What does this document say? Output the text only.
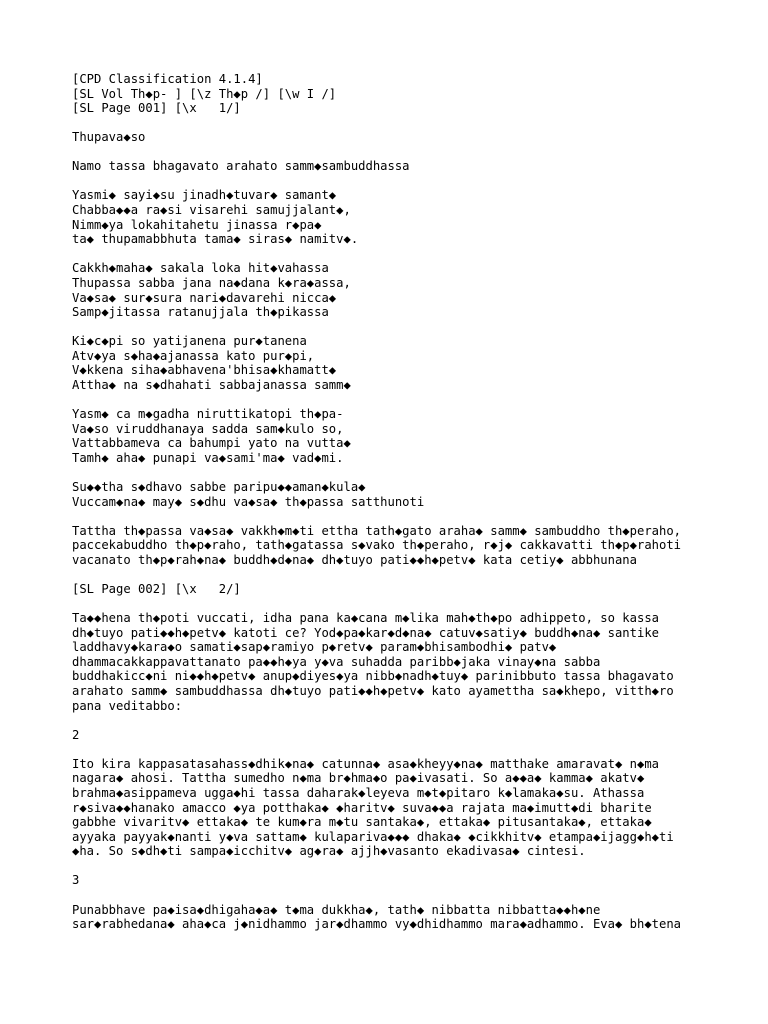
[CPD Classification 4.1.4]
[SL Vol Th◆p- ] [\z Th◆p /] [\w I /]
[SL Page 001] [\x   1/]
Thupava◆so
Namo tassa bhagavato arahato samm◆sambuddhassa
Yasmi◆ sayi◆su jinadh◆tuvar◆ samant◆
Chabba◆◆a ra◆si visarehi samujjalant◆,
Nimm◆ya lokahitahetu jinassa r◆pa◆
ta◆ thupamabbhuta tama◆ siras◆ namitv◆.
Cakkh◆maha◆ sakala loka hit◆vahassa
Thupassa sabba jana na◆dana k◆ra◆assa,
Va◆sa◆ sur◆sura nari◆davarehi nicca◆
Samp◆jitassa ratanujjala th◆pikassa
Ki◆c◆pi so yatijanena pur◆tanena
Atv◆ya s◆ha◆ajanassa kato pur◆pi,
V◆kkena siha◆abhavena'bhisa◆khamatt◆
Attha◆ na s◆dhahati sabbajanassa samm◆
Yasm◆ ca m◆gadha niruttikatopi th◆pa-
Va◆so viruddhanaya sadda sam◆kulo so,
Vattabbameva ca bahumpi yato na vutta◆
Tamh◆ aha◆ punapi va◆sami'ma◆ vad◆mi.
Su◆◆tha s◆dhavo sabbe paripu◆◆aman◆kula◆
Vuccam◆na◆ may◆ s◆dhu va◆sa◆ th◆passa satthunoti
Tattha th◆passa va◆sa◆ vakkh◆m◆ti ettha tath◆gato araha◆ samm◆ sambuddho th◆peraho,
paccekabuddho th◆p◆raho, tath◆gatassa s◆vako th◆peraho, r◆j◆ cakkavatti th◆p◆rahoti
vacanato th◆p◆rah◆na◆ buddh◆d◆na◆ dh◆tuyo pati◆◆h◆petv◆ kata cetiy◆ abbhunana
[SL Page 002] [\x   2/]
Ta◆◆hena th◆poti vuccati, idha pana ka◆cana m◆lika mah◆th◆po adhippeto, so kassa
dh◆tuyo pati◆◆h◆petv◆ katoti ce? Yod◆pa◆kar◆d◆na◆ catuv◆satiy◆ buddh◆na◆ santike
laddhavy◆kara◆o samati◆sap◆ramiyo p◆retv◆ param◆bhisambodhi◆ patv◆
dhammacakkappavattanato pa◆◆h◆ya y◆va suhadda paribb◆jaka vinay◆na sabba
buddhakicc◆ni ni◆◆h◆petv◆ anup◆diyes◆ya nibb◆nadh◆tuy◆ parinibbuto tassa bhagavato
arahato samm◆ sambuddhassa dh◆tuyo pati◆◆h◆petv◆ kato ayamettha sa◆khepo, vitth◆ro
pana veditabbo:
2
Ito kira kappasatasahass◆dhik◆na◆ catunna◆ asa◆kheyy◆na◆ matthake amaravat◆ n◆ma
nagara◆ ahosi. Tattha sumedho n◆ma br◆hma◆o pa◆ivasati. So a◆◆a◆ kamma◆ akatv◆
brahma◆asippameva ugga◆hi tassa daharak◆leyeva m◆t◆pitaro k◆lamaka◆su. Athassa
r◆siva◆◆hanako amacco ◆ya potthaka◆ ◆haritv◆ suva◆◆a rajata ma◆imutt◆di bharite
gabbhe vivaritv◆ ettaka◆ te kum◆ra m◆tu santaka◆, ettaka◆ pitusantaka◆, ettaka◆
ayyaka payyak◆nanti y◆va sattam◆ kulapariva◆◆◆ dhaka◆ ◆cikkhitv◆ etampa◆ijagg◆h◆ti
◆ha. So s◆dh◆ti sampa◆icchitv◆ ag◆ra◆ ajjh◆vasanto ekadivasa◆ cintesi.
3
Punabbhave pa◆isa◆dhigaha◆a◆ t◆ma dukkha◆, tath◆ nibbatta nibbatta◆◆h◆ne
sar◆rabhedana◆ aha◆ca j◆nidhammo jar◆dhammo vy◆dhidhammo mara◆adhammo. Eva◆ bh◆tena
